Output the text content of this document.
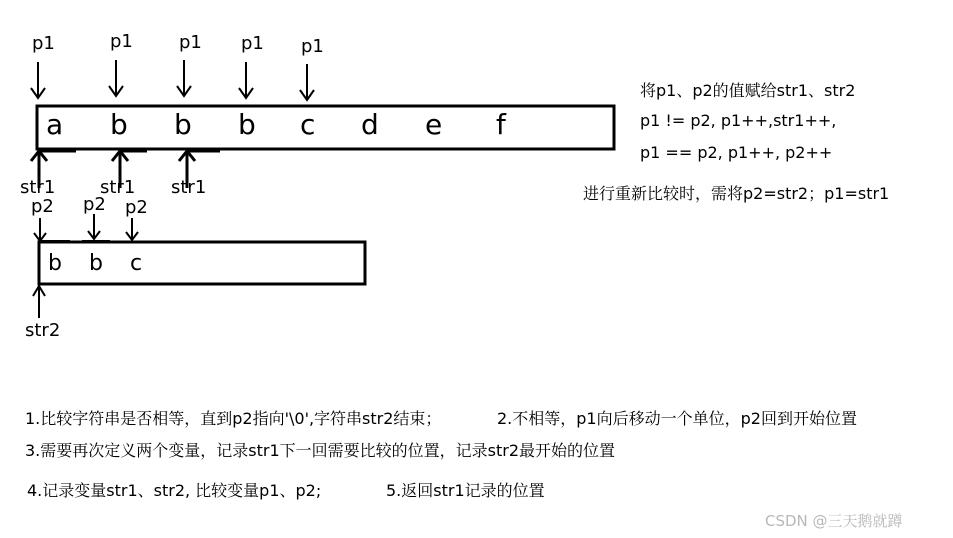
p1	p1	p1 p1 p1
a b b b c d e f
str1 str1 str1
p2 p2 p2
b b c
str2
将p1、p2的值赋给str1、str2
p1 != p2, p1++,str1++,
p1 == p2, p1++, p2++
进行重新比较时，需将p2=str2；p1=str1
1.比较字符串是否相等，直到p2指向'\0',字符串str2结束；	2.不相等，p1向后移动一个单位，p2回到开始位置
3.需要再次定义两个变量，记录str1下一回需要比较的位置，记录str2最开始的位置
4.记录变量str1、str2, 比较变量p1、p2;	5.返回str1记录的位置
CSDN @三天鹅就蹲
